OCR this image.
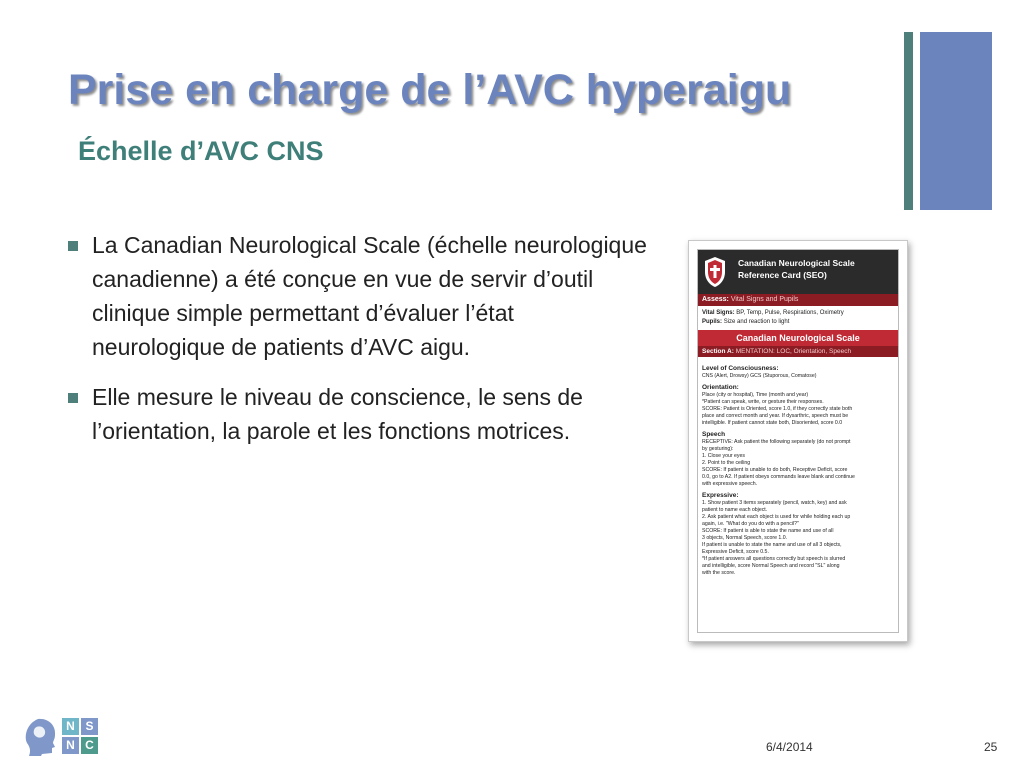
Prise en charge de l’AVC hyperaigu
Échelle d’AVC CNS
La Canadian Neurological Scale (échelle neurologique canadienne) a été conçue en vue de servir d’outil clinique simple permettant d’évaluer l’état neurologique de patients d’AVC aigu.
Elle mesure le niveau de conscience, le sens de l’orientation, la parole et les fonctions motrices.
Canadian Neurological Scale
Reference Card (SEO)
Assess: Vital Signs and Pupils
Vital Signs: BP, Temp, Pulse, Respirations, Oximetry
Pupils: Size and reaction to light
Canadian Neurological Scale
Section A: MENTATION: LOC, Orientation, Speech
Level of Consciousness:
CNS (Alert, Drowsy) GCS (Stuporous, Comatose)
Orientation:
Place (city or hospital), Time (month and year)
*Patient can speak, write, or gesture their responses.
SCORE: Patient is Oriented, score 1.0, if they correctly state both
place and correct month and year. If dysarthric, speech must be
intelligible. If patient cannot state both, Disoriented, score 0.0
Speech
RECEPTIVE: Ask patient the following separately (do not prompt
by gesturing):
1. Close your eyes
2. Point to the ceiling
SCORE: If patient is unable to do both, Receptive Deficit, score
0.0, go to A2. If patient obeys commands leave blank and continue
with expressive speech.
Expressive:
1. Show patient 3 items separately (pencil, watch, key) and ask
patient to name each object.
2. Ask patient what each object is used for while holding each up
again, i.e. "What do you do with a pencil?"
SCORE: If patient is able to state the name and use of all
3 objects, Normal Speech, score 1.0.
If patient is unable to state the name and use of all 3 objects,
Expressive Deficit, score 0.5.
*If patient answers all questions correctly but speech is slurred
and intelligible, score Normal Speech and record "SL" along
with the score.
N S
N C	6/4/2014	25
